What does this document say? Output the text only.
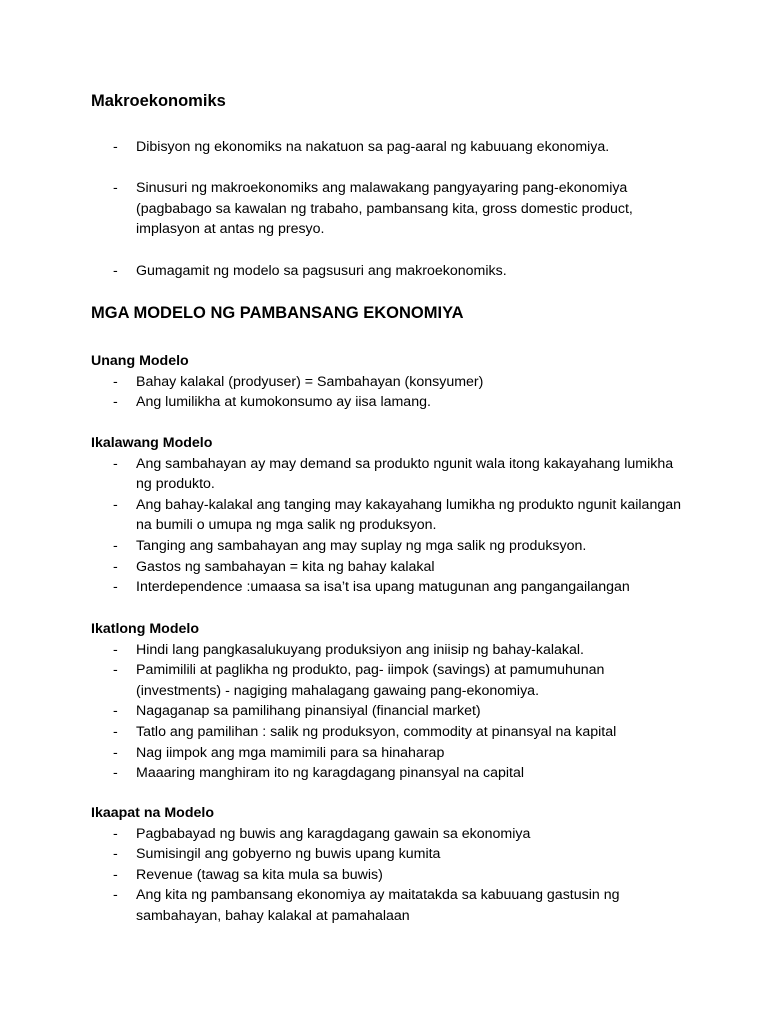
Makroekonomiks
- Dibisyon ng ekonomiks na nakatuon sa pag-aaral ng kabuuang ekonomiya.
- Sinusuri ng makroekonomiks ang malawakang pangyayaring pang-ekonomiya (pagbabago sa kawalan ng trabaho, pambansang kita, gross domestic product, implasyon at antas ng presyo.
- Gumagamit ng modelo sa pagsusuri ang makroekonomiks.
MGA MODELO NG PAMBANSANG EKONOMIYA

Unang Modelo

- Bahay kalakal (prodyuser) = Sambahayan (konsyumer)
- Ang lumilikha at kumokonsumo ay iisa lamang.

Ikalawang Modelo

- Ang sambahayan ay may demand sa produkto ngunit wala itong kakayahang lumikha ng produkto.
- Ang bahay-kalakal ang tanging may kakayahang lumikha ng produkto ngunit kailangan na bumili o umupa ng mga salik ng produksyon.
- Tanging ang sambahayan ang may suplay ng mga salik ng produksyon.
- Gastos ng sambahayan = kita ng bahay kalakal
- Interdependence :umaasa sa isa’t isa upang matugunan ang pangangailangan

Ikatlong Modelo

- Hindi lang pangkasalukuyang produksiyon ang iniisip ng bahay-kalakal.
- Pamimilili at paglikha ng produkto, pag- iimpok (savings) at pamumuhunan (investments) - nagiging mahalagang gawaing pang-ekonomiya.
- Nagaganap sa pamilihang pinansiyal (financial market)
- Tatlo ang pamilihan : salik ng produksyon, commodity at pinansyal na kapital
- Nag iimpok ang mga mamimili para sa hinaharap
- Maaaring manghiram ito ng karagdagang pinansyal na capital

Ikaapat na Modelo

- Pagbabayad ng buwis ang karagdagang gawain sa ekonomiya
- Sumisingil ang gobyerno ng buwis upang kumita
- Revenue (tawag sa kita mula sa buwis)
- Ang kita ng pambansang ekonomiya ay maitatakda sa kabuuang gastusin ng sambahayan, bahay kalakal at pamahalaan
